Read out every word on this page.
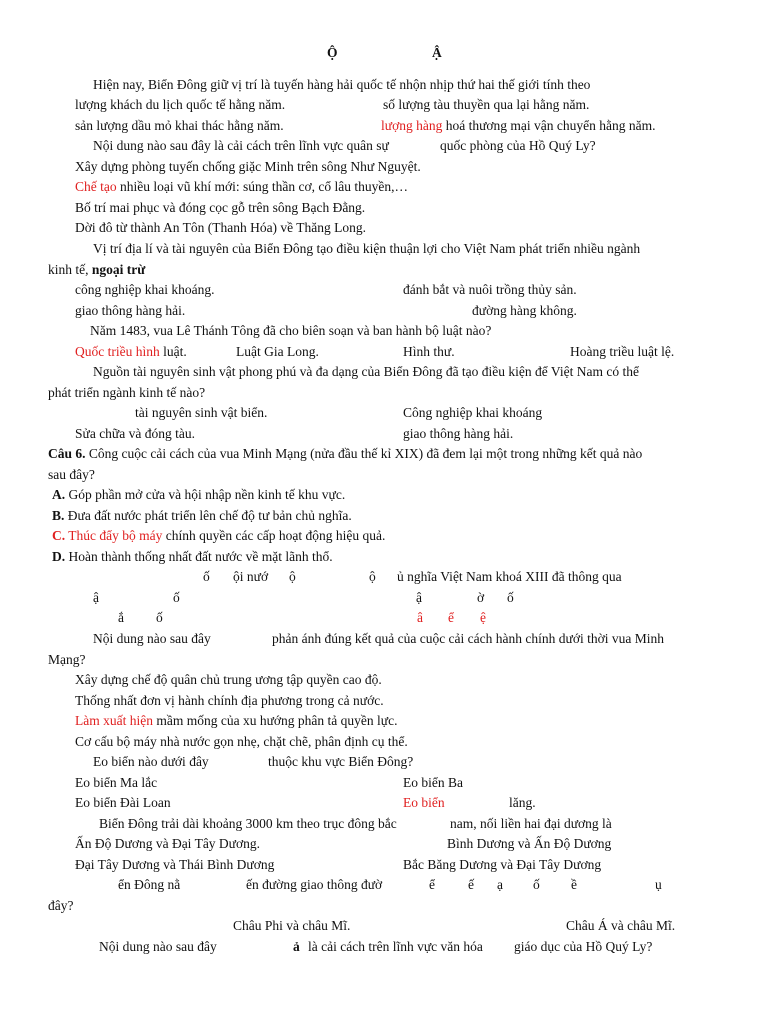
Ộ	Ậ
Hiện nay, Biển Đông giữ vị trí là tuyến hàng hải quốc tế nhộn nhịp thứ hai thế giới tính theo
lượng khách du lịch quốc tế hằng năm.	số lượng tàu thuyền qua lại hằng năm.
sản lượng dầu mỏ khai thác hằng năm.	lượng hàng hoá thương mại vận chuyển hằng năm.
Nội dung nào sau đây là cải cách trên lĩnh vực quân sự	quốc phòng của Hồ Quý Ly?
Xây dựng phòng tuyến chống giặc Minh trên sông Như Nguyệt.
Chế tạo nhiều loại vũ khí mới: súng thần cơ, cổ lâu thuyền,…
Bố trí mai phục và đóng cọc gỗ trên sông Bạch Đằng.
Dời đô từ thành An Tôn (Thanh Hóa) về Thăng Long.
Vị trí địa lí và tài nguyên của Biển Đông tạo điều kiện thuận lợi cho Việt Nam phát triển nhiều ngành
kinh tế, ngoại trừ
công nghiệp khai khoáng.	đánh bắt và nuôi trồng thủy sản.
giao thông hàng hải.	đường hàng không.
Năm 1483, vua Lê Thánh Tông đã cho biên soạn và ban hành bộ luật nào?
Quốc triều hình luật.	Luật Gia Long.	Hình thư.	Hoàng triều luật lệ.
Nguồn tài nguyên sinh vật phong phú và đa dạng của Biển Đông đã tạo điều kiện để Việt Nam có thể
phát triển ngành kinh tế nào?
tài nguyên sinh vật biển.	Công nghiệp khai khoáng
Sửa chữa và đóng tàu.	giao thông hàng hải.
Câu 6. Công cuộc cải cách của vua Minh Mạng (nửa đầu thế kỉ XIX) đã đem lại một trong những kết quả nào
sau đây?
A. Góp phần mở cửa và hội nhập nền kinh tế khu vực.
B. Đưa đất nước phát triển lên chế độ tư bản chủ nghĩa.
C. Thúc đẩy bộ máy chính quyền các cấp hoạt động hiệu quả.
D. Hoàn thành thống nhất đất nước về mặt lãnh thổ.
ố ội nướ ộ	ộ ủ nghĩa Việt Nam khoá XIII đã thông qua
ậ	ố	ậ	ờ ố
ắ ố	â ể ệ
Nội dung nào sau đây	phản ánh đúng kết quả của cuộc cải cách hành chính dưới thời vua Minh
Mạng?
Xây dựng chế độ quân chủ trung ương tập quyền cao độ.
Thống nhất đơn vị hành chính địa phương trong cả nước.
Làm xuất hiện mầm mống của xu hướng phân tả quyền lực.
Cơ cấu bộ máy nhà nước gọn nhẹ, chặt chẽ, phân định cụ thể.
Eo biển nào dưới đây	thuộc khu vực Biển Đông?
Eo biển Ma lắc	Eo biển Ba
Eo biển Đài Loan	Eo biển	lăng.
Biển Đông trải dài khoảng 3000 km theo trục đông bắc	nam, nối liền hai đại dương là
Ấn Độ Dương và Đại Tây Dương.	Bình Dương và Ấn Độ Dương
Đại Tây Dương và Thái Bình Dương	Bắc Băng Dương và Đại Tây Dương
ển Đông nằ	ến đường giao thông đườ	ể ế ạ ố ề	ụ
đây?
Châu Phi và châu Mĩ.	Châu Á và châu Mĩ.
Nội dung nào sau đây	ả là cải cách trên lĩnh vực văn hóa giáo dục của Hồ Quý Ly?
